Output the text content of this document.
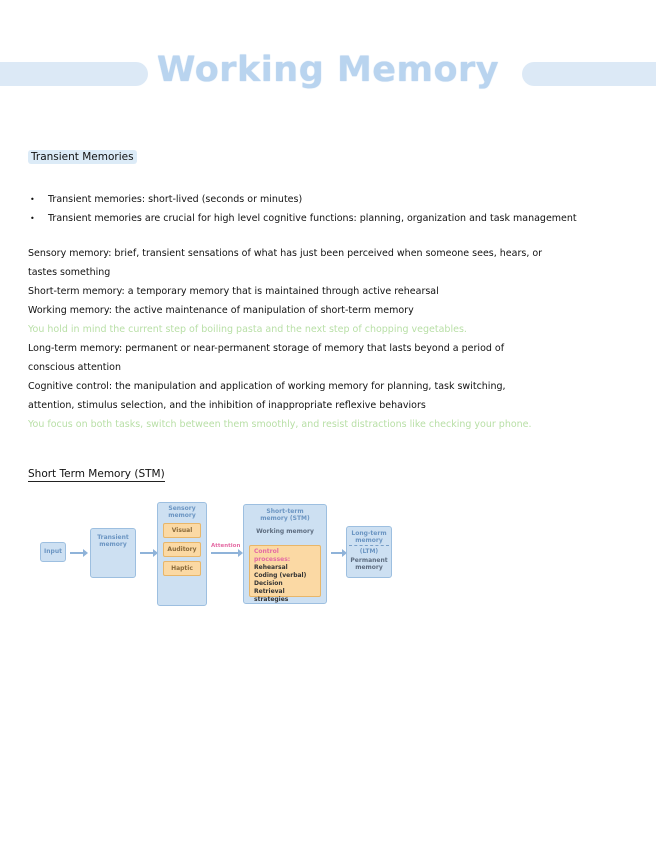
Working Memory
Transient Memories
• Transient memories: short-lived (seconds or minutes)
• Transient memories are crucial for high level cognitive functions: planning, organization and task management
Sensory memory: brief, transient sensations of what has just been perceived when someone sees, hears, or tastes something
Short-term memory: a temporary memory that is maintained through active rehearsal
Working memory: the active maintenance of manipulation of short-term memory
You hold in mind the current step of boiling pasta and the next step of chopping vegetables.
Long-term memory: permanent or near-permanent storage of memory that lasts beyond a period of conscious attention
Cognitive control: the manipulation and application of working memory for planning, task switching, attention, stimulus selection, and the inhibition of inappropriate reflexive behaviors
You focus on both tasks, switch between them smoothly, and resist distractions like checking your phone.
Short Term Memory (STM)
Input
Transient memory
Sensory memory
Visual
Auditory
Haptic
Attention
Short-term memory (STM)
Working memory
Control processes:
Rehearsal
Coding (verbal)
Decision
Retrieval strategies
Long-term memory
(LTM)
Permanent memory
